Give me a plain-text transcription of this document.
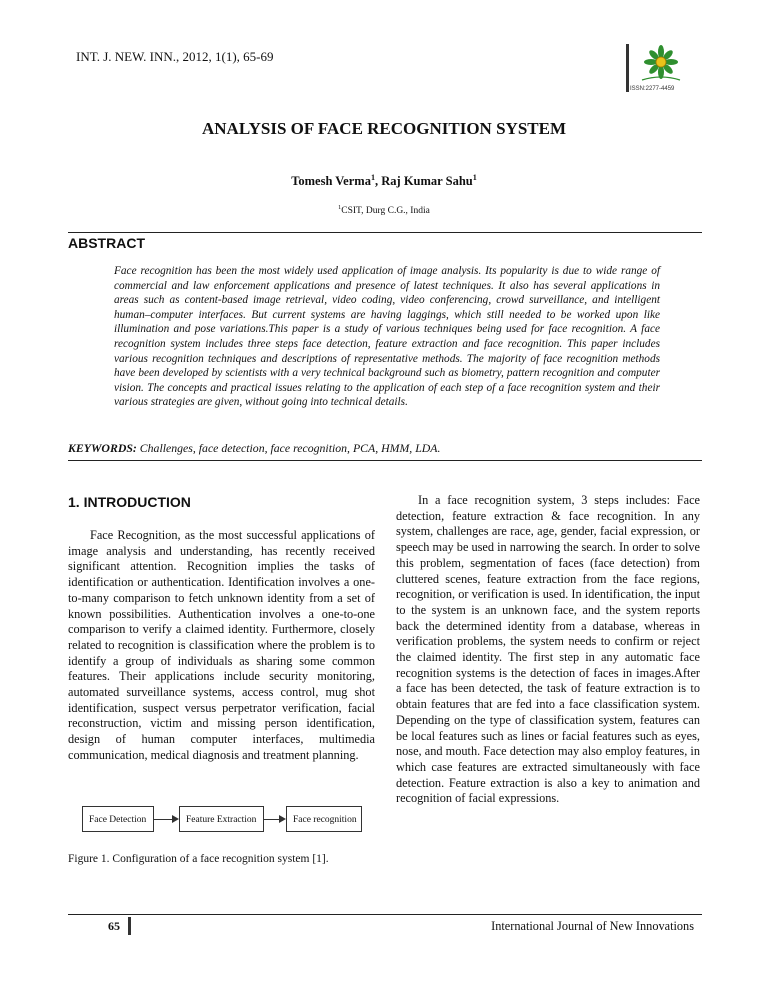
INT. J. NEW. INN., 2012, 1(1), 65-69
ISSN:2277-4459
ANALYSIS OF FACE RECOGNITION SYSTEM
Tomesh Verma$^1$, Raj Kumar Sahu$^1$
$^1$CSIT, Durg C.G., India
ABSTRACT
Face recognition has been the most widely used application of image analysis. Its popularity is due to wide range of commercial and law enforcement applications and presence of latest techniques. It also has several applications in areas such as content-based image retrieval, video coding, video conferencing, crowd surveillance, and intelligent human–computer interfaces. But current systems are having laggings, which still needed to be worked upon like illumination and pose variations.This paper is a study of various techniques being used for face recognition. A face recognition system includes three steps face detection, feature extraction and face recognition. This paper includes various recognition techniques and descriptions of representative methods. The majority of face recognition methods have been developed by scientists with a very technical background such as biometry, pattern recognition and computer vision. The concepts and practical issues relating to the application of each step of a face recognition system and their various strategies are given, without going into technical details.
KEYWORDS: Challenges, face detection, face recognition, PCA, HMM, LDA.
1. INTRODUCTION
Face Recognition, as the most successful applications of image analysis and understanding, has recently received significant attention. Recognition implies the tasks of identification or authentication. Identification involves a one-to-many comparison to fetch unknown identity from a set of known possibilities. Authentication involves a one-to-one comparison to verify a claimed identity. Furthermore, closely related to recognition is classification where the problem is to identify a group of individuals as sharing some common features. Their applications include security monitoring, automated surveillance systems, access control, mug shot identification, suspect versus perpetrator verification, facial reconstruction, victim and missing person identification, design of human computer interfaces, multimedia communication, medical diagnosis and treatment planning.
In a face recognition system, 3 steps includes: Face detection, feature extraction & face recognition. In any system, challenges are race, age, gender, facial expression, or speech may be used in narrowing the search. In order to solve this problem, segmentation of faces (face detection) from cluttered scenes, feature extraction from the face regions, recognition, or verification is used. In identification, the input to the system is an unknown face, and the system reports back the determined identity from a database, whereas in verification problems, the system needs to confirm or reject the claimed identity. The first step in any automatic face recognition systems is the detection of faces in images.After a face has been detected, the task of feature extraction is to obtain features that are fed into a face classification system. Depending on the type of classification system, features can be local features such as lines or facial features such as eyes, nose, and mouth. Face detection may also employ features, in which case features are extracted simultaneously with face detection. Feature extraction is also a key to animation and recognition of facial expressions.
Face Detection	Feature Extraction	Face recognition
Figure 1. Configuration of a face recognition system [1].
65	International Journal of New Innovations
